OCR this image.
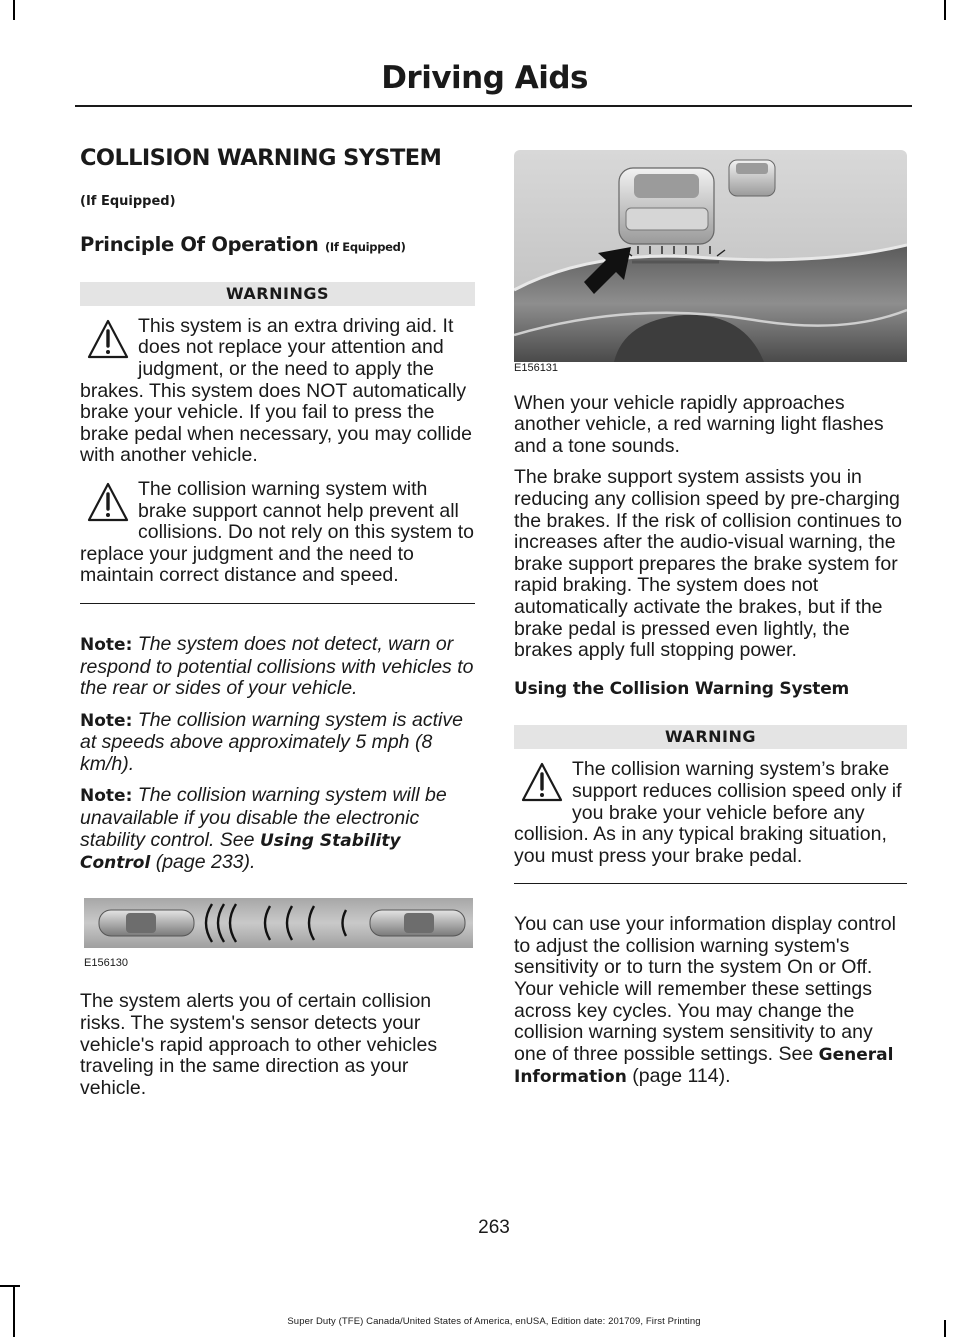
Driving Aids
COLLISION WARNING SYSTEM
(If Equipped)
Principle Of Operation (If Equipped)
WARNINGS

This system is an extra driving aid. It does not replace your attention and judgment, or the need to apply the brakes. This system does NOT automatically brake your vehicle. If you fail to press the brake pedal when necessary, you may collide with another vehicle.

The collision warning system with brake support cannot help prevent all collisions. Do not rely on this system to replace your judgment and the need to maintain correct distance and speed.

Note: The system does not detect, warn or respond to potential collisions with vehicles to the rear or sides of your vehicle.

Note: The collision warning system is active at speeds above approximately 5 mph (8 km/h).

Note: The collision warning system will be unavailable if you disable the electronic stability control. See Using Stability Control (page 233).

E156130

The system alerts you of certain collision risks. The system's sensor detects your vehicle's rapid approach to other vehicles traveling in the same direction as your vehicle.

E156131

When your vehicle rapidly approaches another vehicle, a red warning light flashes and a tone sounds.

The brake support system assists you in reducing any collision speed by pre-charging the brakes. If the risk of collision continues to increases after the audio-visual warning, the brake support prepares the brake system for rapid braking. The system does not automatically activate the brakes, but if the brake pedal is pressed even lightly, the brakes apply full stopping power.

Using the Collision Warning System
WARNING

The collision warning system’s brake support reduces collision speed only if you brake your vehicle before any collision. As in any typical braking situation, you must press your brake pedal.

You can use your information display control to adjust the collision warning system's sensitivity or to turn the system On or Off. Your vehicle will remember these settings across key cycles. You may change the collision warning system sensitivity to any one of three possible settings. See General Information (page 114).

263
Super Duty (TFE) Canada/United States of America, enUSA, Edition date: 201709, First Printing
